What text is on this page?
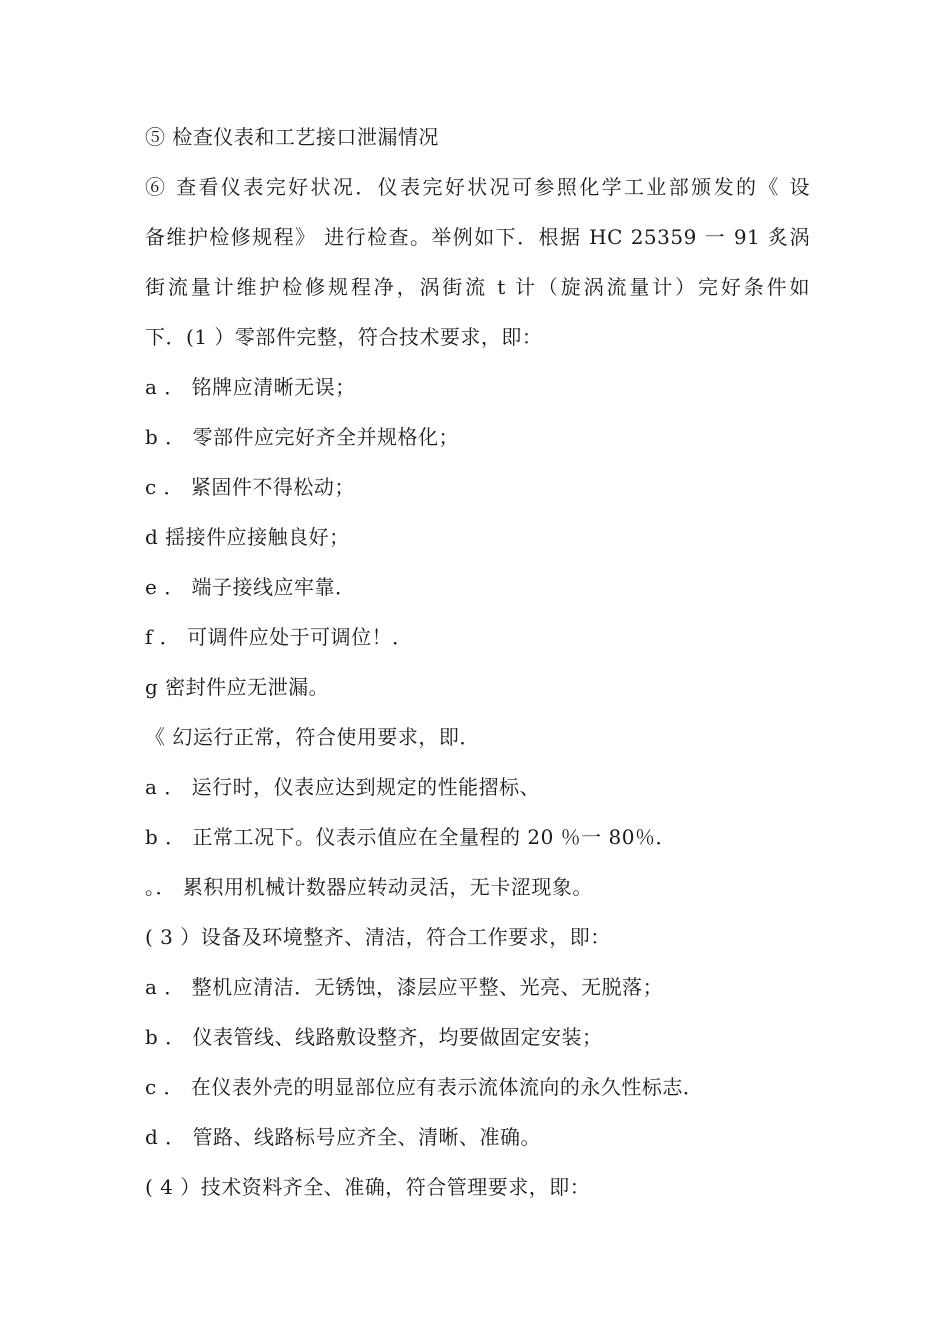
⑤ 检查仪表和工艺接口泄漏情况
⑥ 查看仪表完好状况．仪表完好状况可参照化学工业部颁发的《 设
备维护检修规程》 进行检查。举例如下．根据 HC 25359 一 91 炙涡
街流量计维护检修规程净，涡街流 t 计（旋涡流量计）完好条件如
下．(1 ）零部件完整，符合技术要求，即：
a ． 铭牌应清晰无误；
b ． 零部件应完好齐全并规格化；
c ． 紧固件不得松动；
d 揺接件应接触良好；
e ． 端子接线应牢靠．
f ． 可调件应处于可调位！．
g 密封件应无泄漏。
《 幻运行正常，符合使用要求，即．
a ． 运行时，仪表应达到规定的性能摺标、
b ． 正常工况下。仪表示值应在全量程的 20 ％一 80％．
。． 累积用机械计数器应转动灵活，无卡涩现象。
( 3 ）设备及环境整齐、清洁，符合工作要求，即：
a ． 整机应清洁．无锈蚀，漆层应平整、光亮、无脱落；
b ． 仪表管线、线路敷设整齐，均要做固定安装；
c ． 在仪表外壳的明显部位应有表示流体流向的永久性标志．
d ． 管路、线路标号应齐全、清晰、准确。
( 4 ）技术资料齐全、准确，符合管理要求，即：
